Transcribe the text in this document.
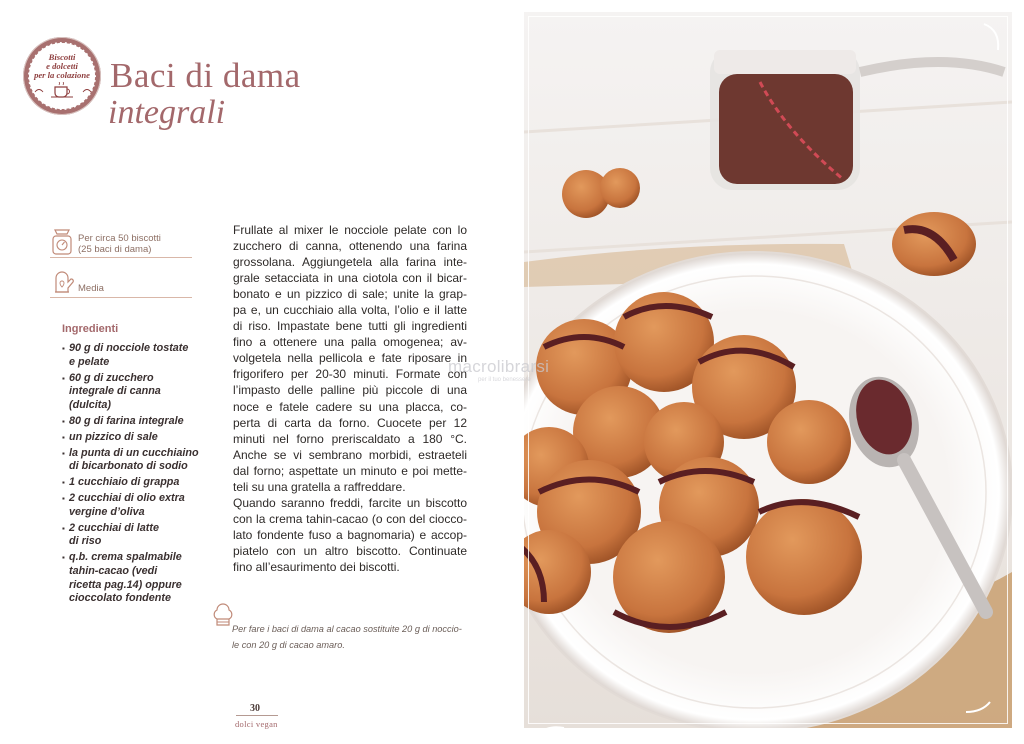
Biscotti
e dolcetti
per la colazione Baci di dama
integrali
Per circa 50 biscotti
(25 baci di dama)
Media
Ingredienti
▪ 90 g di nocciole tostate
e pelate
▪ 60 g di zucchero
integrale di canna
(dulcita)
▪ 80 g di farina integrale
▪ un pizzico di sale
▪ la punta di un cucchiaino
di bicarbonato di sodio
▪ 1 cucchiaio di grappa
▪ 2 cucchiai di olio extra
vergine d’oliva
▪ 2 cucchiai di latte
di riso
▪ q.b. crema spalmabile
tahin-cacao (vedi
ricetta pag.14) oppure
cioccolato fondente
Frullate al mixer le nocciole pelate con lo
zucchero di canna, ottenendo una farina
grossolana. Aggiungetela alla farina inte-
grale setacciata in una ciotola con il bicar-
bonato e un pizzico di sale; unite la grap-
pa e, un cucchiaio alla volta, l’olio e il latte
di riso. Impastate bene tutti gli ingredienti
fino a ottenere una palla omogenea; av-
volgetela nella pellicola e fate riposare in
frigorifero per 20-30 minuti. Formate con
l’impasto delle palline più piccole di una
noce e fatele cadere su una placca, co-
perta di carta da forno. Cuocete per 12
minuti nel forno preriscaldato a 180 °C.
Anche se vi sembrano morbidi, estraeteli
dal forno; aspettate un minuto e poi mette-
teli su una gratella a raffreddare.
Quando saranno freddi, farcite un biscotto
con la crema tahin-cacao (o con del ciocco-
lato fondente fuso a bagnomaria) e accop-
piatelo con un altro biscotto. Continuate
fino all’esaurimento dei biscotti.
Per fare i baci di dama al cacao sostituite 20 g di noccio-
le con 20 g di cacao amaro.
30
dolci vegan
macrolibrarsi
per il tuo benessere
